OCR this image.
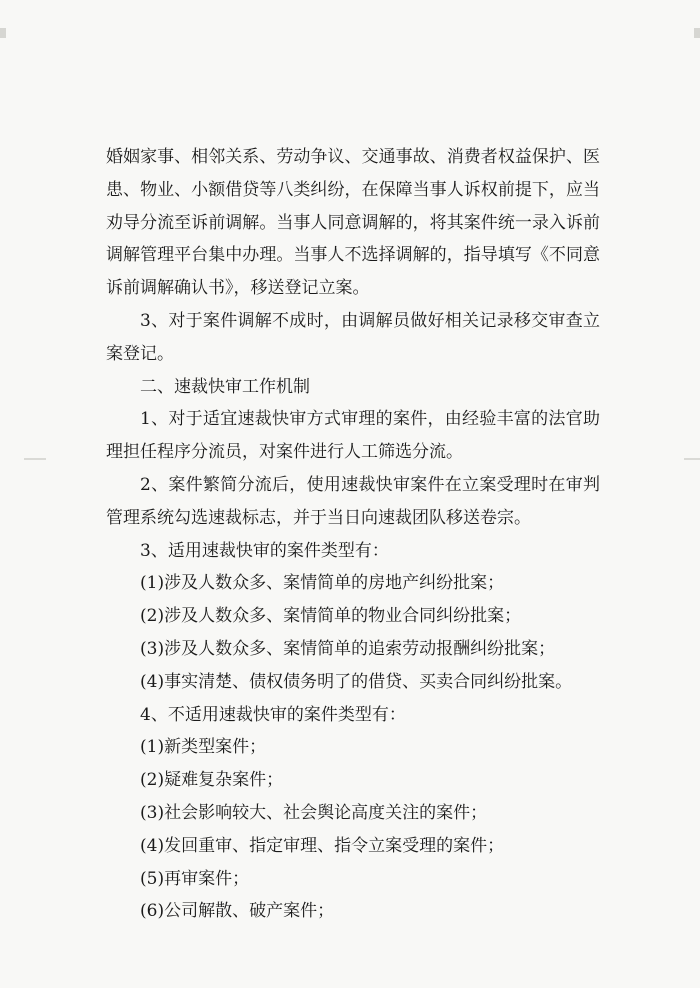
婚姻家事、相邻关系、劳动争议、交通事故、消费者权益保护、医患、物业、小额借贷等八类纠纷，在保障当事人诉权前提下，应当劝导分流至诉前调解。当事人同意调解的，将其案件统一录入诉前调解管理平台集中办理。当事人不选择调解的，指导填写《不同意诉前调解确认书》，移送登记立案。

3、对于案件调解不成时，由调解员做好相关记录移交审查立案登记。

二、速裁快审工作机制

1、对于适宜速裁快审方式审理的案件，由经验丰富的法官助理担任程序分流员，对案件进行人工筛选分流。

2、案件繁简分流后，使用速裁快审案件在立案受理时在审判管理系统勾选速裁标志，并于当日向速裁团队移送卷宗。

3、适用速裁快审的案件类型有：

(1)涉及人数众多、案情简单的房地产纠纷批案；

(2)涉及人数众多、案情简单的物业合同纠纷批案；

(3)涉及人数众多、案情简单的追索劳动报酬纠纷批案；

(4)事实清楚、债权债务明了的借贷、买卖合同纠纷批案。

4、不适用速裁快审的案件类型有：

(1)新类型案件；

(2)疑难复杂案件；

(3)社会影响较大、社会舆论高度关注的案件；

(4)发回重审、指定审理、指令立案受理的案件；

(5)再审案件；

(6)公司解散、破产案件；
